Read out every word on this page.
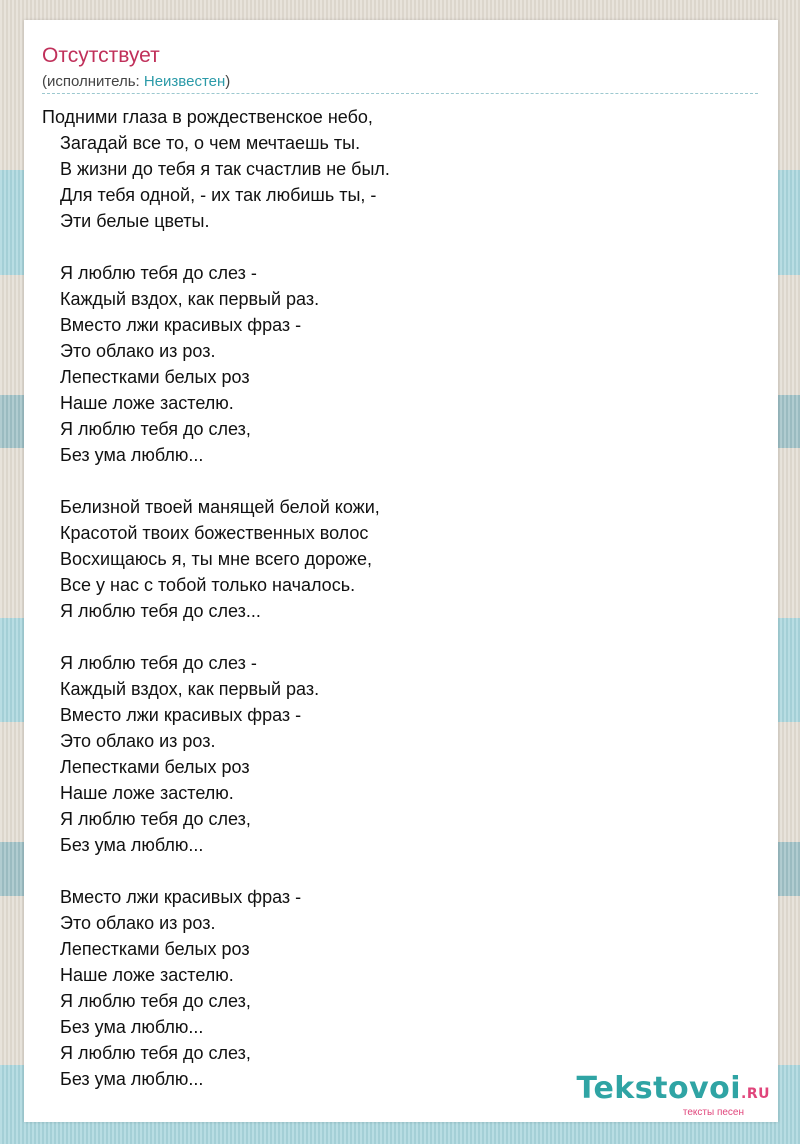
Отсутствует
(исполнитель: Неизвестен)
Подними глаза в рождественское небо,
Загадай все то, о чем мечтаешь ты.
В жизни до тебя я так счастлив не был.
Для тебя одной, - их так любишь ты, -
Эти белые цветы.
Я люблю тебя до слез -
Каждый вздох, как первый раз.
Вместо лжи красивых фраз -
Это облако из роз.
Лепестками белых роз
Наше ложе застелю.
Я люблю тебя до слез,
Без ума люблю...
Белизной твоей манящей белой кожи,
Красотой твоих божественных волос
Восхищаюсь я, ты мне всего дороже,
Все у нас с тобой только началось.
Я люблю тебя до слез...
Я люблю тебя до слез -
Каждый вздох, как первый раз.
Вместо лжи красивых фраз -
Это облако из роз.
Лепестками белых роз
Наше ложе застелю.
Я люблю тебя до слез,
Без ума люблю...
Вместо лжи красивых фраз -
Это облако из роз.
Лепестками белых роз
Наше ложе застелю.
Я люблю тебя до слез,
Без ума люблю...
Я люблю тебя до слез,
Без ума люблю...	Tekstovoi.RU
тексты песен
